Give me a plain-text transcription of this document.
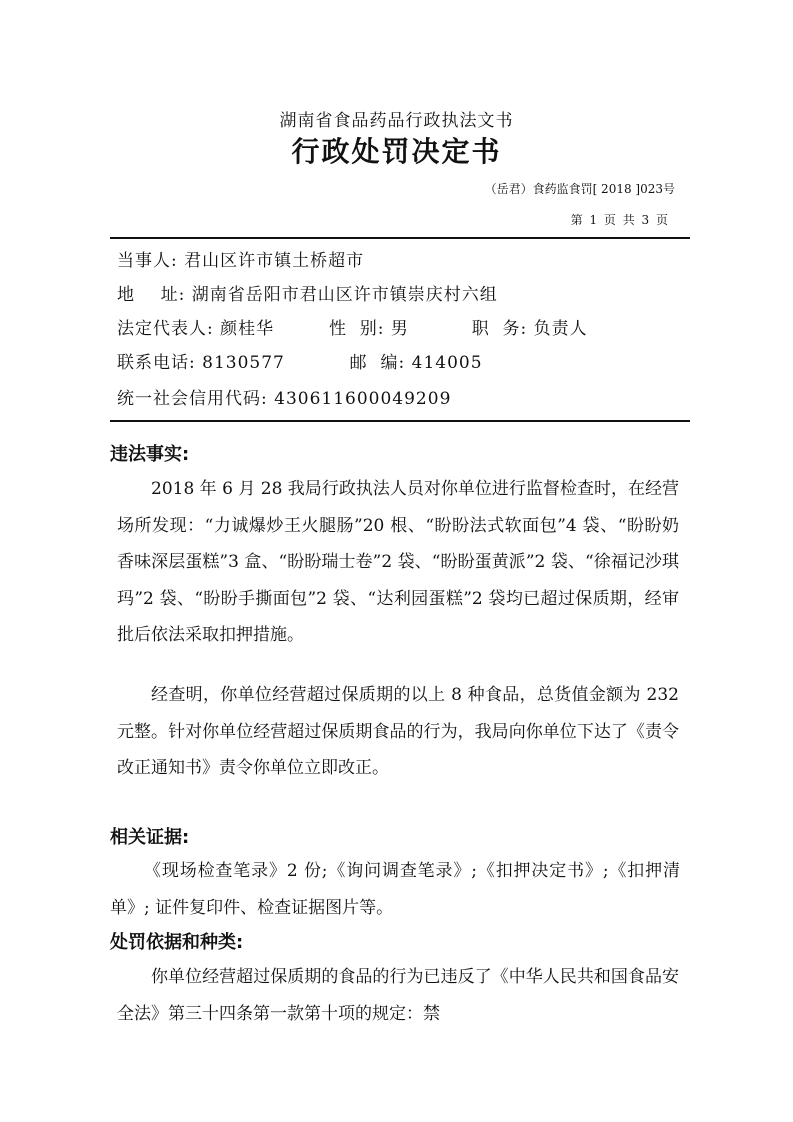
湖南省食品药品行政执法文书
行政处罚决定书
（岳君）食药监食罚[ 2018 ]023号
第 1 页 共 3 页
当事人: 君山区许市镇土桥超市
地    址: 湖南省岳阳市君山区许市镇崇庆村六组
法定代表人: 颜桂华	性  别: 男	职  务: 负责人
联系电话: 8130577	邮  编: 414005
统一社会信用代码: 430611600049209
违法事实:
2018 年 6 月 28 我局行政执法人员对你单位进行监督检查时，在经营场所发现：“力诚爆炒王火腿肠”20 根、“盼盼法式软面包”4 袋、“盼盼奶香味深层蛋糕”3 盒、“盼盼瑞士卷”2 袋、“盼盼蛋黄派”2 袋、“徐福记沙琪玛”2 袋、“盼盼手撕面包”2 袋、“达利园蛋糕”2 袋均已超过保质期，经审批后依法采取扣押措施。
经查明，你单位经营超过保质期的以上 8 种食品，总货值金额为 232 元整。针对你单位经营超过保质期食品的行为，我局向你单位下达了《责令改正通知书》责令你单位立即改正。
相关证据:
《现场检查笔录》2 份;《询问调查笔录》;《扣押决定书》;《扣押清单》; 证件复印件、检查证据图片等。
处罚依据和种类:
你单位经营超过保质期的食品的行为已违反了《中华人民共和国食品安全法》第三十四条第一款第十项的规定：禁
